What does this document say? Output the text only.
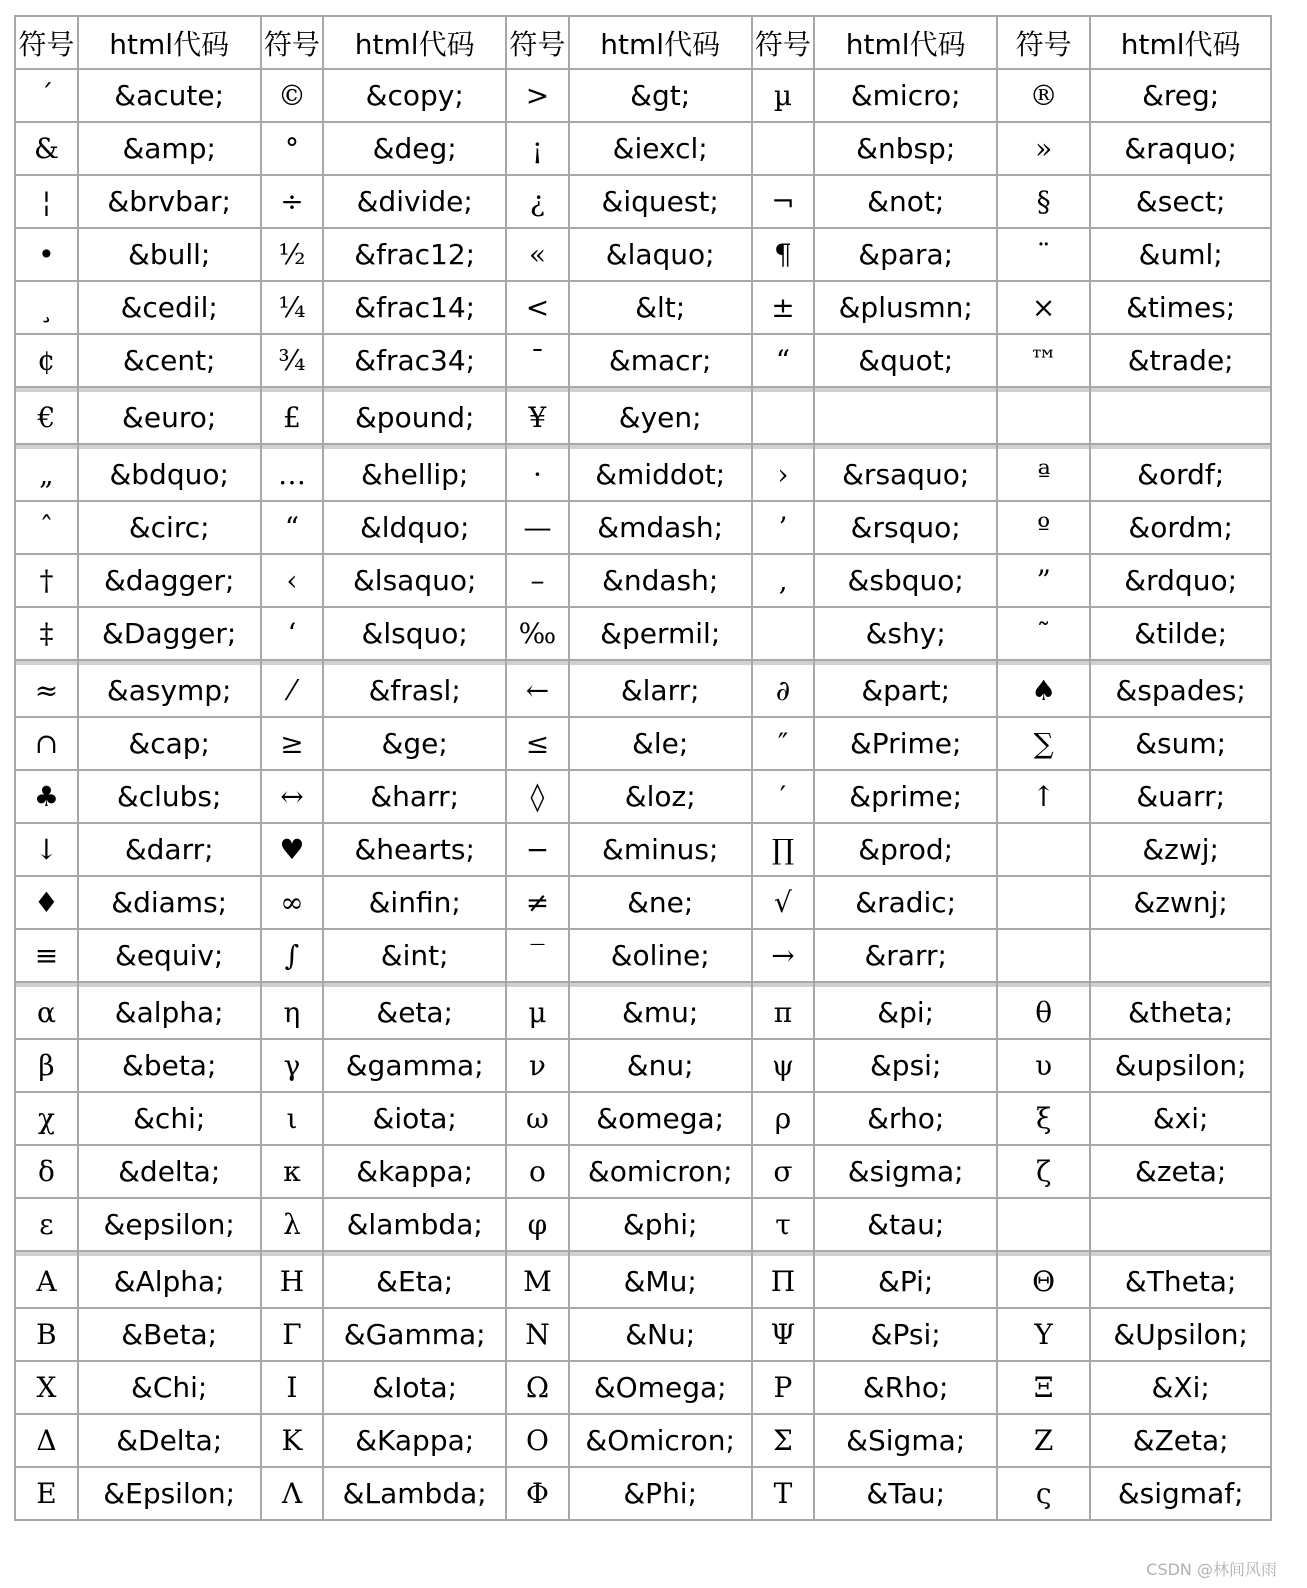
符号	html代码	符号	html代码	符号	html代码	符号	html代码	符号	html代码
´	&acute;	©	&copy;	>	&gt;	µ	&micro;	®	&reg;
&	&amp;	°	&deg;	¡	&iexcl;		&nbsp;	»	&raquo;
¦	&brvbar;	÷	&divide;	¿	&iquest;	¬	&not;	§	&sect;
•	&bull;	½	&frac12;	«	&laquo;	¶	&para;	¨	&uml;
¸	&cedil;	¼	&frac14;	<	&lt;	±	&plusmn;	×	&times;
¢	&cent;	¾	&frac34;	¯	&macr;	“	&quot;	™	&trade;
€	&euro;	£	&pound;	¥	&yen;				
„	&bdquo;	…	&hellip;	·	&middot;	›	&rsaquo;	ª	&ordf;
ˆ	&circ;	“	&ldquo;	—	&mdash;	’	&rsquo;	º	&ordm;
†	&dagger;	‹	&lsaquo;	–	&ndash;	‚	&sbquo;	”	&rdquo;
‡	&Dagger;	‘	&lsquo;	‰	&permil;		&shy;	˜	&tilde;
≈	&asymp;	⁄	&frasl;	←	&larr;	∂	&part;	♠	&spades;
∩	&cap;	≥	&ge;	≤	&le;	″	&Prime;	∑	&sum;
♣	&clubs;	↔	&harr;	◊	&loz;	′	&prime;	↑	&uarr;
↓	&darr;	♥	&hearts;	−	&minus;	∏	&prod;		&zwj;
♦	&diams;	∞	&infin;	≠	&ne;	√	&radic;		&zwnj;
≡	&equiv;	∫	&int;	‾	&oline;	→	&rarr;		
α	&alpha;	η	&eta;	μ	&mu;	π	&pi;	θ	&theta;
β	&beta;	γ	&gamma;	ν	&nu;	ψ	&psi;	υ	&upsilon;
χ	&chi;	ι	&iota;	ω	&omega;	ρ	&rho;	ξ	&xi;
δ	&delta;	κ	&kappa;	ο	&omicron;	σ	&sigma;	ζ	&zeta;
ε	&epsilon;	λ	&lambda;	φ	&phi;	τ	&tau;		
Α	&Alpha;	Η	&Eta;	Μ	&Mu;	Π	&Pi;	Θ	&Theta;
Β	&Beta;	Γ	&Gamma;	Ν	&Nu;	Ψ	&Psi;	Υ	&Upsilon;
Χ	&Chi;	Ι	&Iota;	Ω	&Omega;	Ρ	&Rho;	Ξ	&Xi;
Δ	&Delta;	Κ	&Kappa;	Ο	&Omicron;	Σ	&Sigma;	Ζ	&Zeta;
Ε	&Epsilon;	Λ	&Lambda;	Φ	&Phi;	Τ	&Tau;	ς	&sigmaf;
CSDN @林间风雨
